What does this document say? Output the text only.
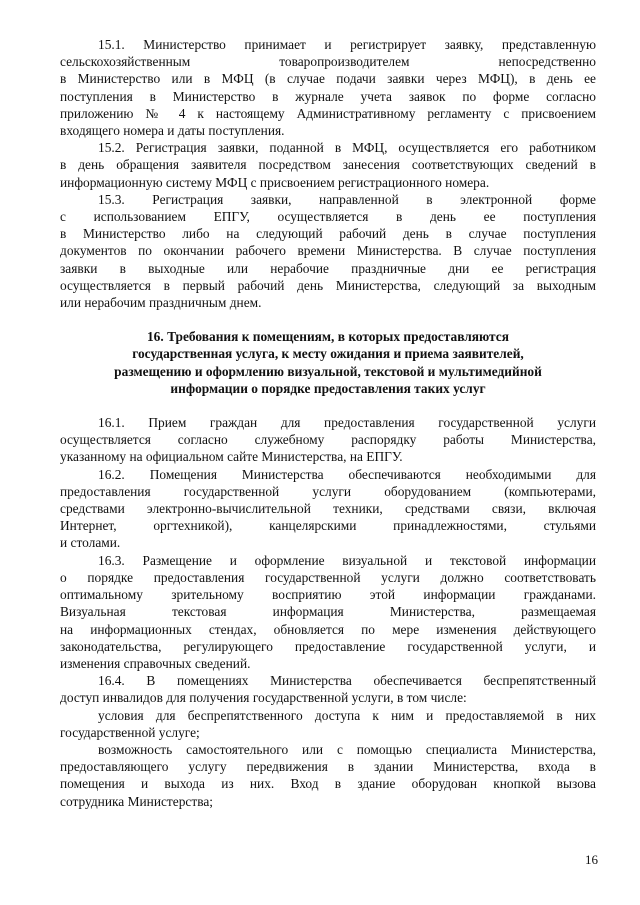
15.1. Министерство принимает и регистрирует заявку, представленную
сельскохозяйственным товаропроизводителем непосредственно
в Министерство или в МФЦ (в случае подачи заявки через МФЦ), в день ее
поступления в Министерство в журнале учета заявок по форме согласно
приложению № 4 к настоящему Административному регламенту с присвоением
входящего номера и даты поступления.
15.2. Регистрация заявки, поданной в МФЦ, осуществляется его работником
в день обращения заявителя посредством занесения соответствующих сведений в
информационную систему МФЦ с присвоением регистрационного номера.
15.3. Регистрация заявки, направленной в электронной форме
с использованием ЕПГУ, осуществляется в день ее поступления
в Министерство либо на следующий рабочий день в случае поступления
документов по окончании рабочего времени Министерства. В случае поступления
заявки в выходные или нерабочие праздничные дни ее регистрация
осуществляется в первый рабочий день Министерства, следующий за выходным
или нерабочим праздничным днем.
16. Требования к помещениям, в которых предоставляются
государственная услуга, к месту ожидания и приема заявителей,
размещению и оформлению визуальной, текстовой и мультимедийной
информации о порядке предоставления таких услуг
16.1. Прием граждан для предоставления государственной услуги
осуществляется согласно служебному распорядку работы Министерства,
указанному на официальном сайте Министерства, на ЕПГУ.
16.2. Помещения Министерства обеспечиваются необходимыми для
предоставления государственной услуги оборудованием (компьютерами,
средствами электронно-вычислительной техники, средствами связи, включая
Интернет, оргтехникой), канцелярскими принадлежностями, стульями
и столами.
16.3. Размещение и оформление визуальной и текстовой информации
о порядке предоставления государственной услуги должно соответствовать
оптимальному зрительному восприятию этой информации гражданами.
Визуальная текстовая информация Министерства, размещаемая
на информационных стендах, обновляется по мере изменения действующего
законодательства, регулирующего предоставление государственной услуги, и
изменения справочных сведений.
16.4. В помещениях Министерства обеспечивается беспрепятственный
доступ инвалидов для получения государственной услуги, в том числе:
условия для беспрепятственного доступа к ним и предоставляемой в них
государственной услуге;
возможность самостоятельного или с помощью специалиста Министерства,
предоставляющего услугу передвижения в здании Министерства, входа в
помещения и выхода из них. Вход в здание оборудован кнопкой вызова
сотрудника Министерства;
16
